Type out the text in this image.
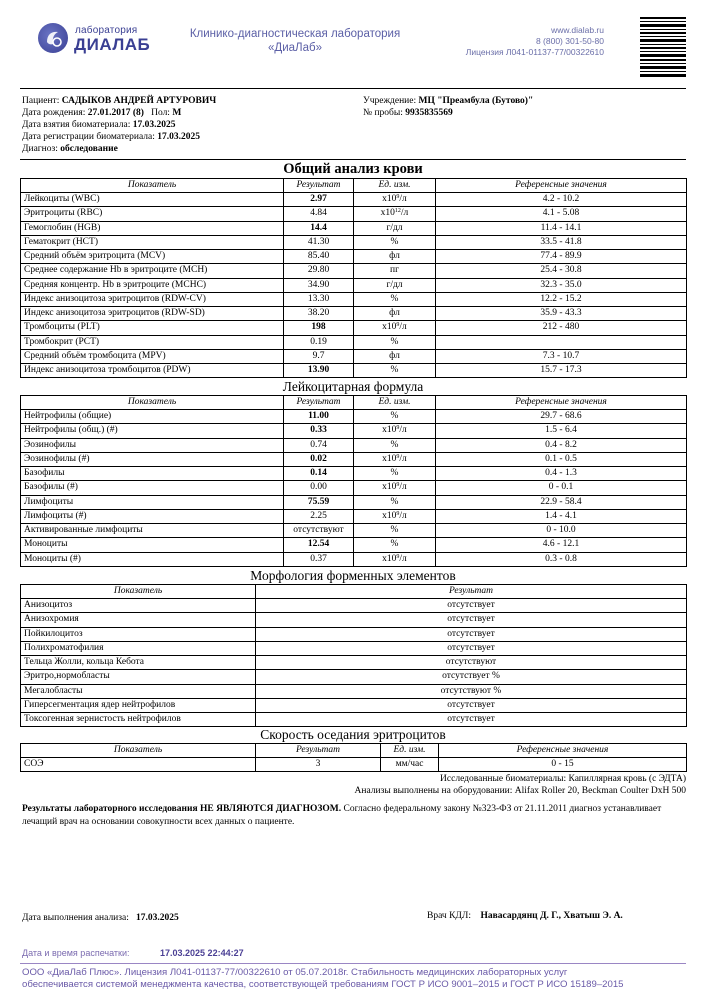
лаборатория
ДИАЛАБ
Клинико-диагностическая лаборатория
«ДиаЛаб»
www.dialab.ru
8 (800) 301-50-80
Лицензия Л041-01137-77/00322610
Пациент: САДЫКОВ АНДРЕЙ АРТУРОВИЧ
Дата рождения: 27.01.2017 (8) Пол: М
Дата взятия биоматериала: 17.03.2025
Дата регистрации биоматериала: 17.03.2025
Диагноз: обследование
Учреждение: МЦ "Преамбула (Бутово)"
№ пробы: 9935835569
Общий анализ крови
Показатель	Результат	Ед. изм.	Референсные значения
Лейкоциты (WBC)	2.97	$x10^9/л$	4.2 - 10.2
Эритроциты (RBC)	4.84	$x10^{12}/л$	4.1 - 5.08
Гемоглобин (HGB)	14.4	г/дл	11.4 - 14.1
Гематокрит (HCT)	41.30	%	33.5 - 41.8
Средний объём эритроцита (MCV)	85.40	фл	77.4 - 89.9
Среднее содержание Hb в эритроците (MCH)	29.80	пг	25.4 - 30.8
Средняя концентр. Hb в эритроците (MCHC)	34.90	г/дл	32.3 - 35.0
Индекс анизоцитоза эритроцитов (RDW-CV)	13.30	%	12.2 - 15.2
Индекс анизоцитоза эритроцитов (RDW-SD)	38.20	фл	35.9 - 43.3
Тромбоциты (PLT)	198	$x10^9/л$	212 - 480
Тромбокрит (PCT)	0.19	%	
Средний объём тромбоцита (MPV)	9.7	фл	7.3 - 10.7
Индекс анизоцитоза тромбоцитов (PDW)	13.90	%	15.7 - 17.3
Лейкоцитарная формула
Показатель	Результат	Ед. изм.	Референсные значения
Нейтрофилы (общие)	11.00	%	29.7 - 68.6
Нейтрофилы (общ.) (#)	0.33	$x10^9/л$	1.5 - 6.4
Эозинофилы	0.74	%	0.4 - 8.2
Эозинофилы (#)	0.02	$x10^9/л$	0.1 - 0.5
Базофилы	0.14	%	0.4 - 1.3
Базофилы (#)	0.00	$x10^9/л$	0 - 0.1
Лимфоциты	75.59	%	22.9 - 58.4
Лимфоциты (#)	2.25	$x10^9/л$	1.4 - 4.1
Активированные лимфоциты	отсутствуют	%	0 - 10.0
Моноциты	12.54	%	4.6 - 12.1
Моноциты (#)	0.37	$x10^9/л$	0.3 - 0.8
Морфология форменных элементов
Показатель	Результат
Анизоцитоз	отсутствует
Анизохромия	отсутствует
Пойкилоцитоз	отсутствует
Полихроматофилия	отсутствует
Тельца Жолли, кольца Кебота	отсутствуют
Эритро,нормобласты	отсутствует %
Мегалобласты	отсутствуют %
Гиперсегментация ядер нейтрофилов	отсутствует
Токсогенная зернистость нейтрофилов	отсутствует
Скорость оседания эритроцитов
Показатель	Результат	Ед. изм.	Референсные значения
СОЭ	3	мм/час	0 - 15
Исследованные биоматериалы: Капиллярная кровь (с ЭДТА)
Анализы выполнены на оборудовании: Alifax Roller 20, Beckman Coulter DxH 500
Результаты лабораторного исследования НЕ ЯВЛЯЮТСЯ ДИАГНОЗОМ. Согласно федеральному закону №323-ФЗ от 21.11.2011 диагноз устанавливает лечащий врач на основании совокупности всех данных о пациенте.
Дата выполнения анализа: 17.03.2025	Врач КДЛ: Навасардянц Д. Г., Хватыш Э. А.
Дата и время распечатки:	17.03.2025 22:44:27
ООО «ДиаЛаб Плюс». Лицензия Л041-01137-77/00322610 от 05.07.2018г. Стабильность медицинских лабораторных услуг
обеспечивается системой менеджмента качества, соответствующей требованиям ГОСТ Р ИСО 9001–2015 и ГОСТ Р ИСО 15189–2015
